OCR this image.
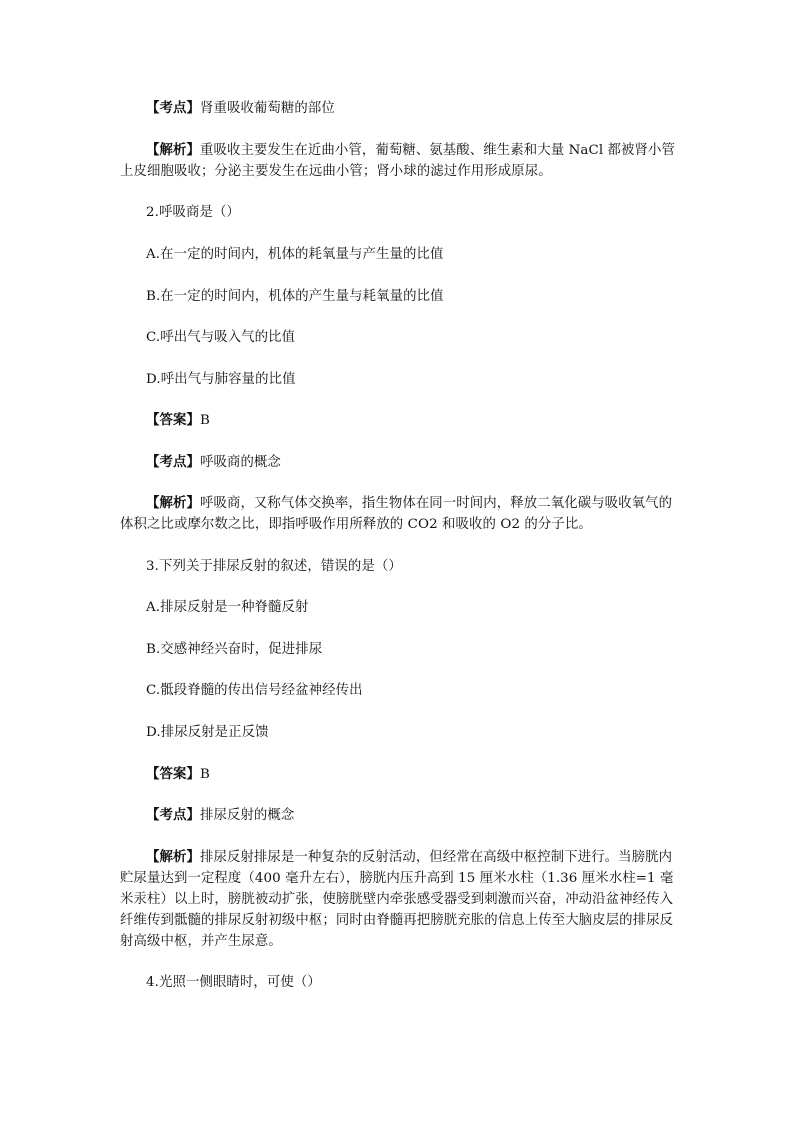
【考点】肾重吸收葡萄糖的部位
【解析】重吸收主要发生在近曲小管，葡萄糖、氨基酸、维生素和大量 NaCl 都被肾小管上皮细胞吸收；分泌主要发生在远曲小管；肾小球的滤过作用形成原尿。
2.呼吸商是（）
A.在一定的时间内，机体的耗氧量与产生量的比值
B.在一定的时间内，机体的产生量与耗氧量的比值
C.呼出气与吸入气的比值
D.呼出气与肺容量的比值
【答案】B
【考点】呼吸商的概念
【解析】呼吸商，又称气体交换率，指生物体在同一时间内，释放二氧化碳与吸收氧气的体积之比或摩尔数之比，即指呼吸作用所释放的 CO2 和吸收的 O2 的分子比。
3.下列关于排尿反射的叙述，错误的是（）
A.排尿反射是一种脊髓反射
B.交感神经兴奋时，促进排尿
C.骶段脊髓的传出信号经盆神经传出
D.排尿反射是正反馈
【答案】B
【考点】排尿反射的概念
【解析】排尿反射排尿是一种复杂的反射活动，但经常在高级中枢控制下进行。当膀胱内贮尿量达到一定程度（400 毫升左右），膀胱内压升高到 15 厘米水柱（1.36 厘米水柱=1 毫米汞柱）以上时，膀胱被动扩张，使膀胱壁内牵张感受器受到刺激而兴奋，冲动沿盆神经传入纤维传到骶髓的排尿反射初级中枢；同时由脊髓再把膀胱充胀的信息上传至大脑皮层的排尿反射高级中枢，并产生尿意。
4.光照一侧眼睛时，可使（）
